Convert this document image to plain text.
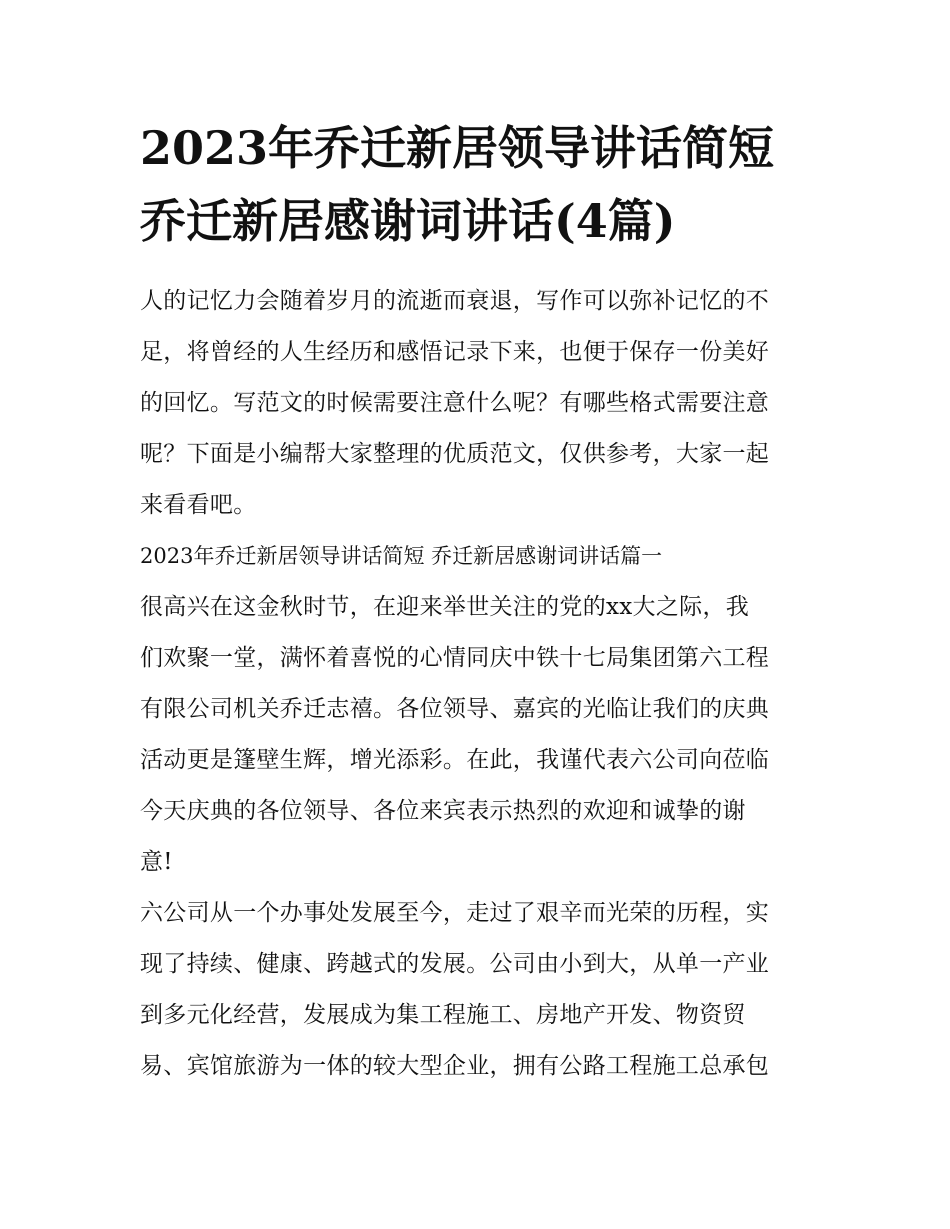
2023年乔迁新居领导讲话简短
乔迁新居感谢词讲话(4篇)

人的记忆力会随着岁月的流逝而衰退，写作可以弥补记忆的不
足，将曾经的人生经历和感悟记录下来，也便于保存一份美好
的回忆。写范文的时候需要注意什么呢？有哪些格式需要注意
呢？下面是小编帮大家整理的优质范文，仅供参考，大家一起
来看看吧。

2023年乔迁新居领导讲话简短 乔迁新居感谢词讲话篇一

很高兴在这金秋时节，在迎来举世关注的党的xx大之际，我
们欢聚一堂，满怀着喜悦的心情同庆中铁十七局集团第六工程
有限公司机关乔迁志禧。各位领导、嘉宾的光临让我们的庆典
活动更是篷壁生辉，增光添彩。在此，我谨代表六公司向莅临
今天庆典的各位领导、各位来宾表示热烈的欢迎和诚挚的谢
意!

六公司从一个办事处发展至今，走过了艰辛而光荣的历程，实
现了持续、健康、跨越式的发展。公司由小到大，从单一产业
到多元化经营，发展成为集工程施工、房地产开发、物资贸
易、宾馆旅游为一体的较大型企业，拥有公路工程施工总承包
